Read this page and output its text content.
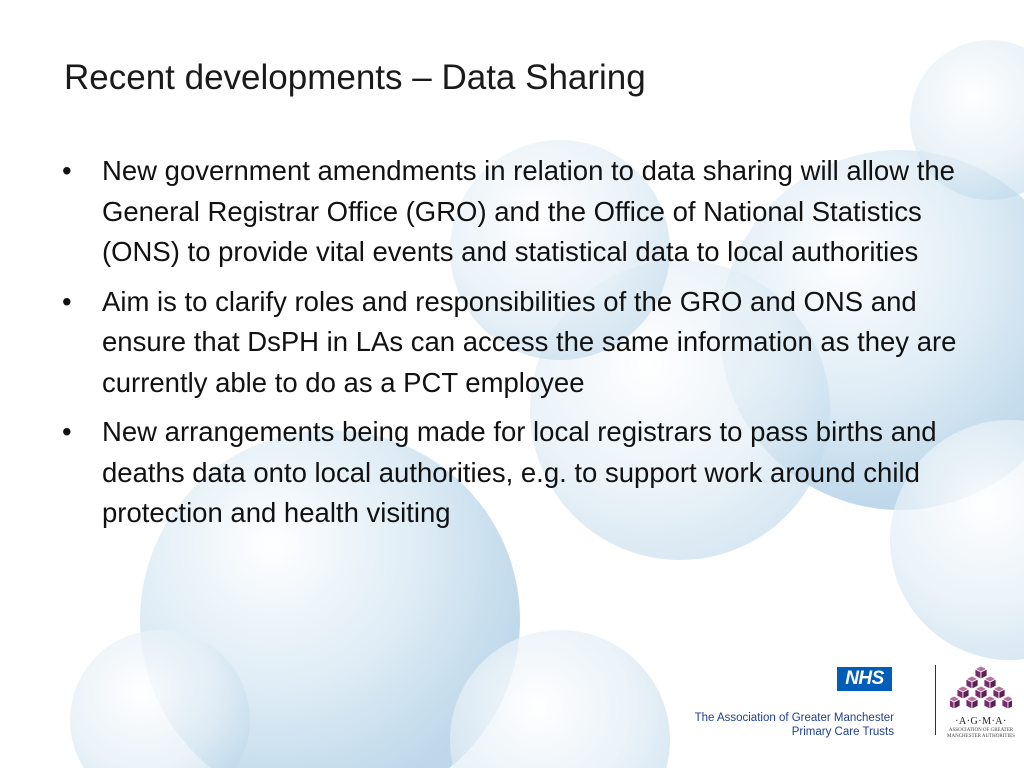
Recent developments – Data Sharing
•	New government amendments in relation to data sharing will allow the General Registrar Office (GRO) and the Office of National Statistics (ONS) to provide vital events and statistical data to local authorities
•	Aim is to clarify roles and responsibilities of the GRO and ONS and ensure that DsPH in LAs can access the same information as they are currently able to do as a PCT employee
•	New arrangements being made for local registrars to pass births and deaths data onto local authorities, e.g. to support work around child protection and health visiting
NHS
The Association of Greater Manchester
Primary Care Trusts
·A·G·M·A·
ASSOCIATION OF GREATER MANCHESTER AUTHORITIES
